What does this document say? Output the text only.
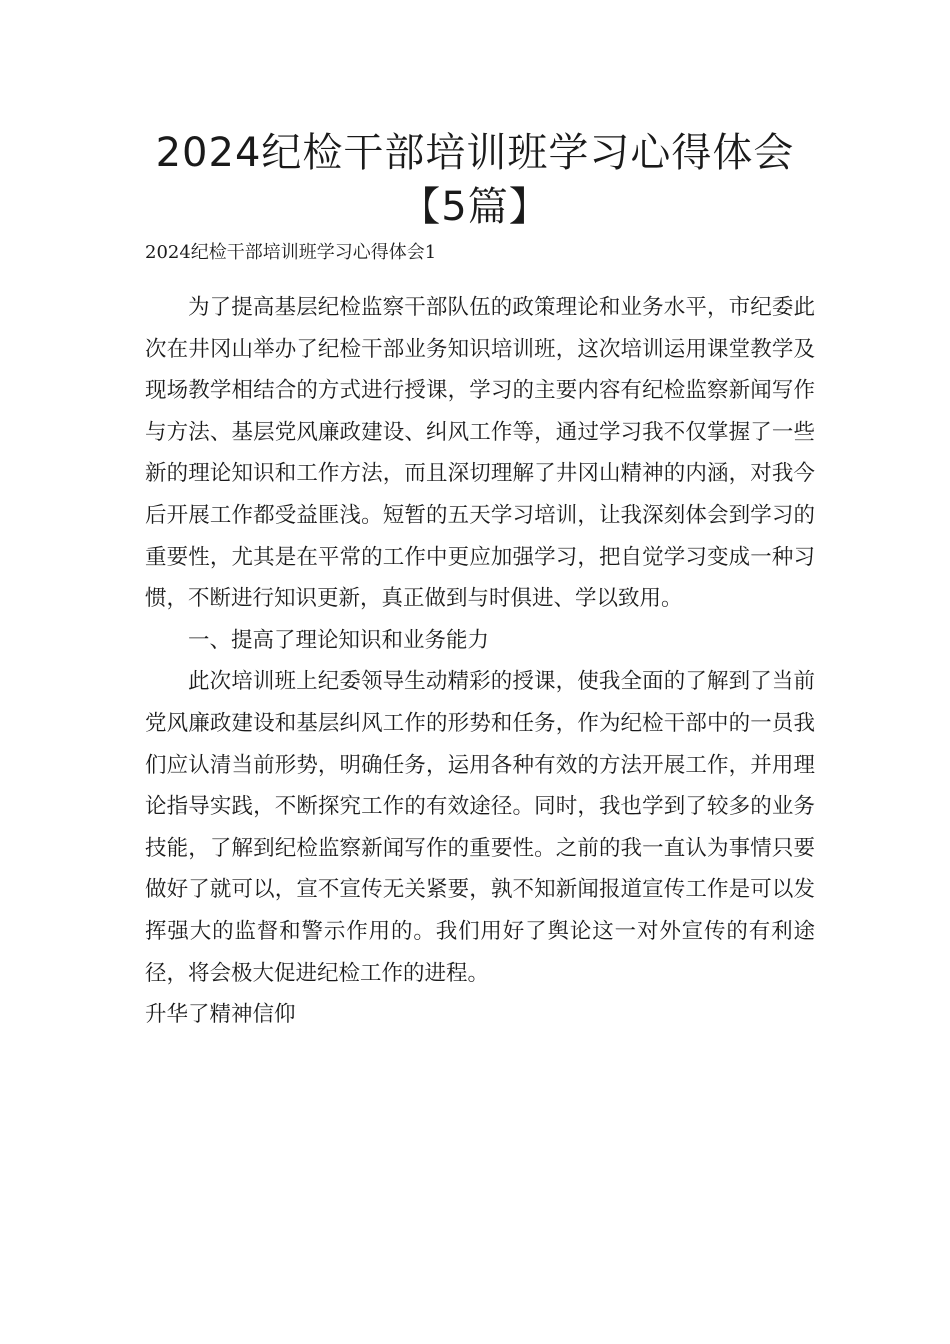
2024纪检干部培训班学习心得体会【5篇】

2024纪检干部培训班学习心得体会1

为了提高基层纪检监察干部队伍的政策理论和业务水平，市纪委此次在井冈山举办了纪检干部业务知识培训班，这次培训运用课堂教学及现场教学相结合的方式进行授课，学习的主要内容有纪检监察新闻写作与方法、基层党风廉政建设、纠风工作等，通过学习我不仅掌握了一些新的理论知识和工作方法，而且深切理解了井冈山精神的内涵，对我今后开展工作都受益匪浅。短暂的五天学习培训，让我深刻体会到学习的重要性，尤其是在平常的工作中更应加强学习，把自觉学习变成一种习惯，不断进行知识更新，真正做到与时俱进、学以致用。

一、提高了理论知识和业务能力

此次培训班上纪委领导生动精彩的授课，使我全面的了解到了当前党风廉政建设和基层纠风工作的形势和任务，作为纪检干部中的一员我们应认清当前形势，明确任务，运用各种有效的方法开展工作，并用理论指导实践，不断探究工作的有效途径。同时，我也学到了较多的业务技能，了解到纪检监察新闻写作的重要性。之前的我一直认为事情只要做好了就可以，宣不宣传无关紧要，孰不知新闻报道宣传工作是可以发挥强大的监督和警示作用的。我们用好了舆论这一对外宣传的有利途径，将会极大促进纪检工作的进程。

升华了精神信仰
